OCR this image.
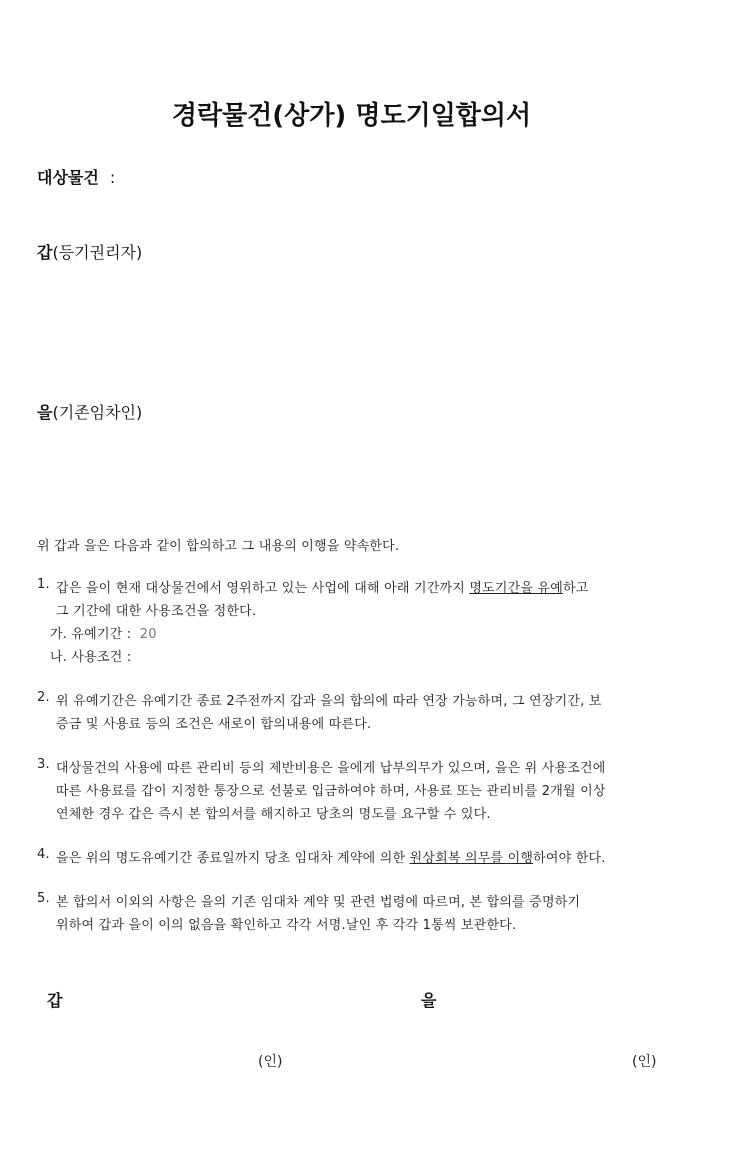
경락물건(상가) 명도기일합의서
대상물건 :
갑(등기권리자)
을(기존임차인)
위 갑과 을은 다음과 같이 합의하고 그 내용의 이행을 약속한다.
1. 갑은 을이 현재 대상물건에서 영위하고 있는 사업에 대해 아래 기간까지 명도기간을 유예하고
그 기간에 대한 사용조건을 정한다.
가. 유예기간 : 20
나. 사용조건 :
2. 위 유예기간은 유예기간 종료 2주전까지 갑과 을의 합의에 따라 연장 가능하며, 그 연장기간, 보
증금 및 사용료 등의 조건은 새로이 합의내용에 따른다.
3. 대상물건의 사용에 따른 관리비 등의 제반비용은 을에게 납부의무가 있으며, 을은 위 사용조건에
따른 사용료를 갑이 지정한 통장으로 선불로 입금하여야 하며, 사용료 또는 관리비를 2개월 이상
연체한 경우 갑은 즉시 본 합의서를 해지하고 당초의 명도를 요구할 수 있다.
4. 을은 위의 명도유예기간 종료일까지 당초 임대차 계약에 의한 원상회복 의무를 이행하여야 한다.
5. 본 합의서 이외의 사항은 을의 기존 임대차 계약 및 관련 법령에 따르며, 본 합의를 증명하기
위하여 갑과 을이 이의 없음을 확인하고 각각 서명.날인 후 각각 1통씩 보관한다.
갑	을
(인)	(인)
